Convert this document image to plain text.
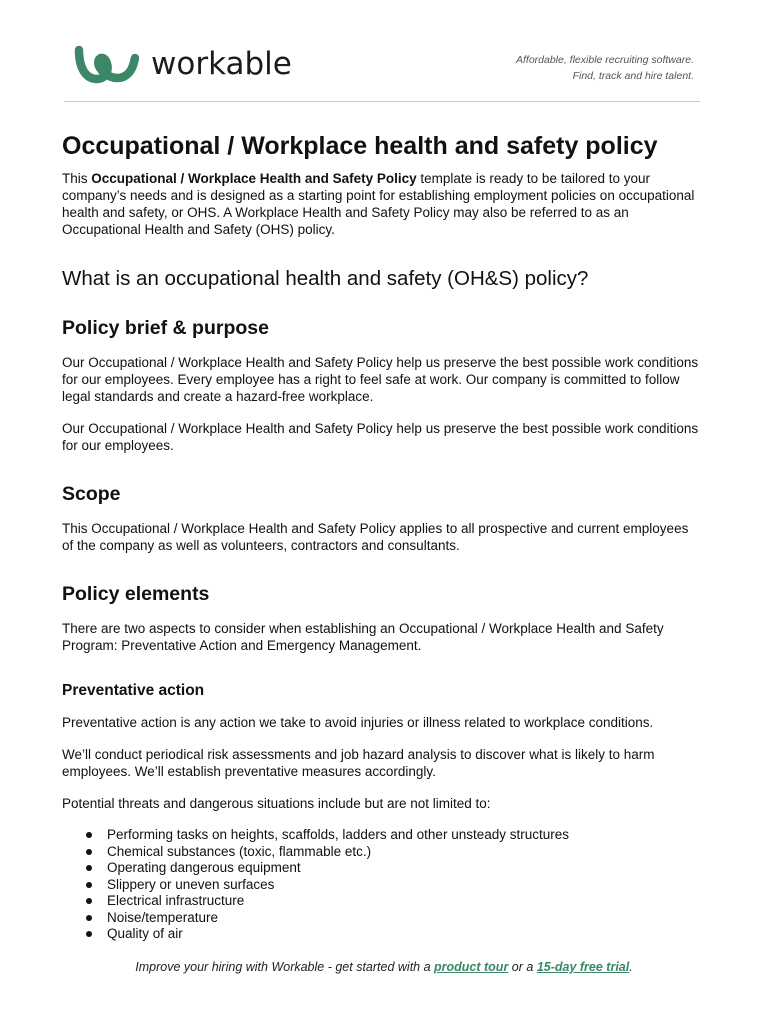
workable	Affordable, flexible recruiting software.
Find, track and hire talent.
Occupational / Workplace health and safety policy

This Occupational / Workplace Health and Safety Policy template is ready to be tailored to your company’s needs and is designed as a starting point for establishing employment policies on occupational health and safety, or OHS. A Workplace Health and Safety Policy may also be referred to as an Occupational Health and Safety (OHS) policy.

What is an occupational health and safety (OH&S) policy?
Policy brief & purpose

Our Occupational / Workplace Health and Safety Policy help us preserve the best possible work conditions for our employees. Every employee has a right to feel safe at work. Our company is committed to follow legal standards and create a hazard-free workplace.

Our Occupational / Workplace Health and Safety Policy help us preserve the best possible work conditions for our employees.

Scope

This Occupational / Workplace Health and Safety Policy applies to all prospective and current employees of the company as well as volunteers, contractors and consultants.

Policy elements

There are two aspects to consider when establishing an Occupational / Workplace Health and Safety Program: Preventative Action and Emergency Management.

Preventative action

Preventative action is any action we take to avoid injuries or illness related to workplace conditions.

We’ll conduct periodical risk assessments and job hazard analysis to discover what is likely to harm employees. We’ll establish preventative measures accordingly.

Potential threats and dangerous situations include but are not limited to:

Performing tasks on heights, scaffolds, ladders and other unsteady structures
Chemical substances (toxic, flammable etc.)
Operating dangerous equipment
Slippery or uneven surfaces
Electrical infrastructure
Noise/temperature
Quality of air
Improve your hiring with Workable - get started with a product tour or a 15-day free trial.
